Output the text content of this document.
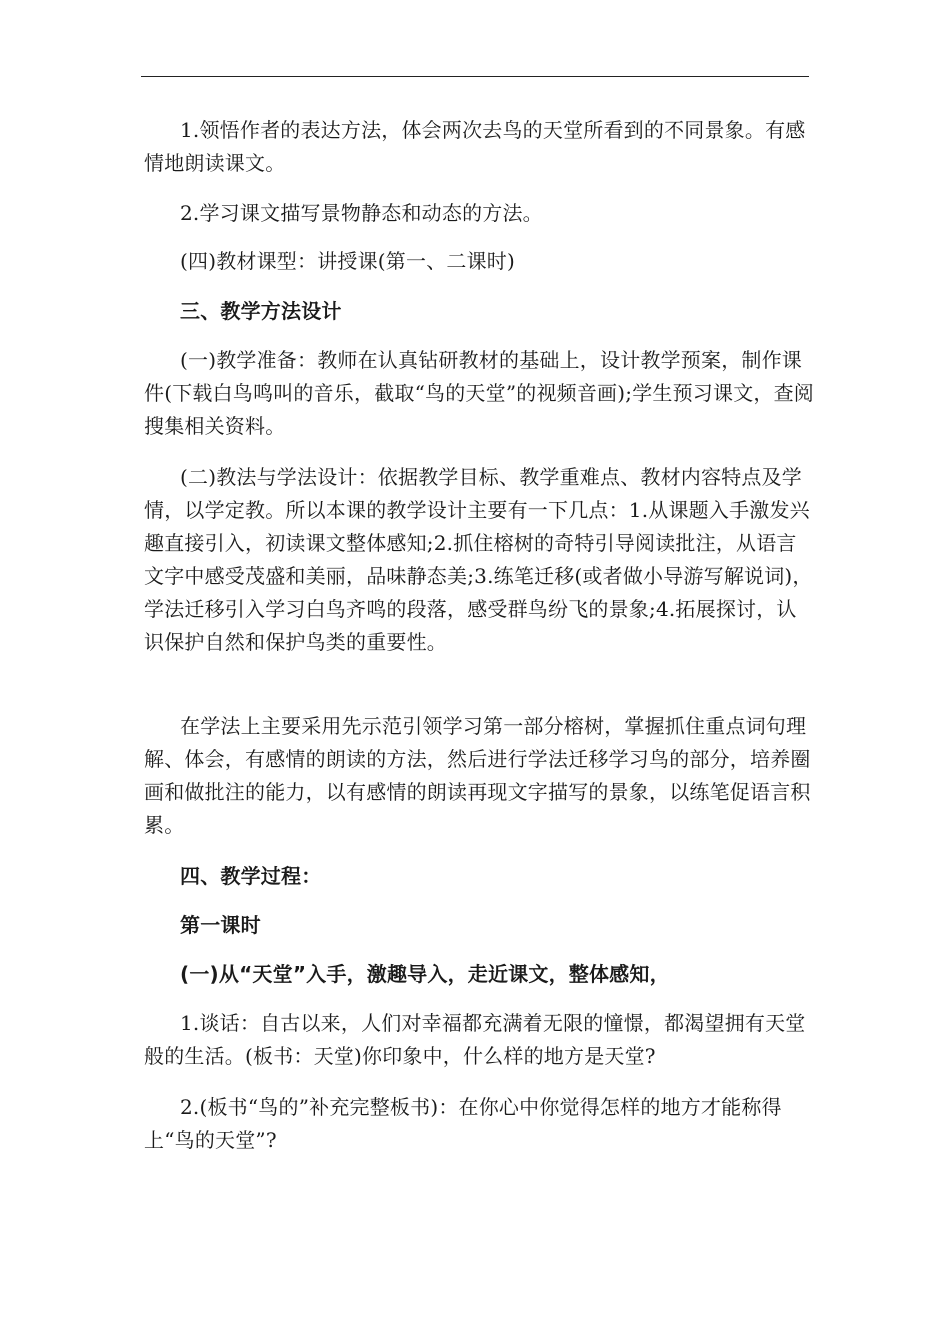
1.领悟作者的表达方法，体会两次去鸟的天堂所看到的不同景象。有感情地朗读课文。

2.学习课文描写景物静态和动态的方法。

(四)教材课型：讲授课(第一、二课时)

三、教学方法设计

(一)教学准备：教师在认真钻研教材的基础上，设计教学预案，制作课件(下载白鸟鸣叫的音乐，截取“鸟的天堂”的视频音画);学生预习课文，查阅搜集相关资料。

(二)教法与学法设计：依据教学目标、教学重难点、教材内容特点及学情，以学定教。所以本课的教学设计主要有一下几点：1.从课题入手激发兴趣直接引入，初读课文整体感知;2.抓住榕树的奇特引导阅读批注，从语言文字中感受茂盛和美丽，品味静态美;3.练笔迁移(或者做小导游写解说词)，学法迁移引入学习白鸟齐鸣的段落，感受群鸟纷飞的景象;4.拓展探讨，认识保护自然和保护鸟类的重要性。

在学法上主要采用先示范引领学习第一部分榕树，掌握抓住重点词句理解、体会，有感情的朗读的方法，然后进行学法迁移学习鸟的部分，培养圈画和做批注的能力，以有感情的朗读再现文字描写的景象，以练笔促语言积累。

四、教学过程：

第一课时

(一)从“天堂”入手，激趣导入，走近课文，整体感知，

1.谈话：自古以来，人们对幸福都充满着无限的憧憬，都渴望拥有天堂般的生活。(板书：天堂)你印象中，什么样的地方是天堂?

2.(板书“鸟的”补充完整板书)：在你心中你觉得怎样的地方才能称得上“鸟的天堂”?
